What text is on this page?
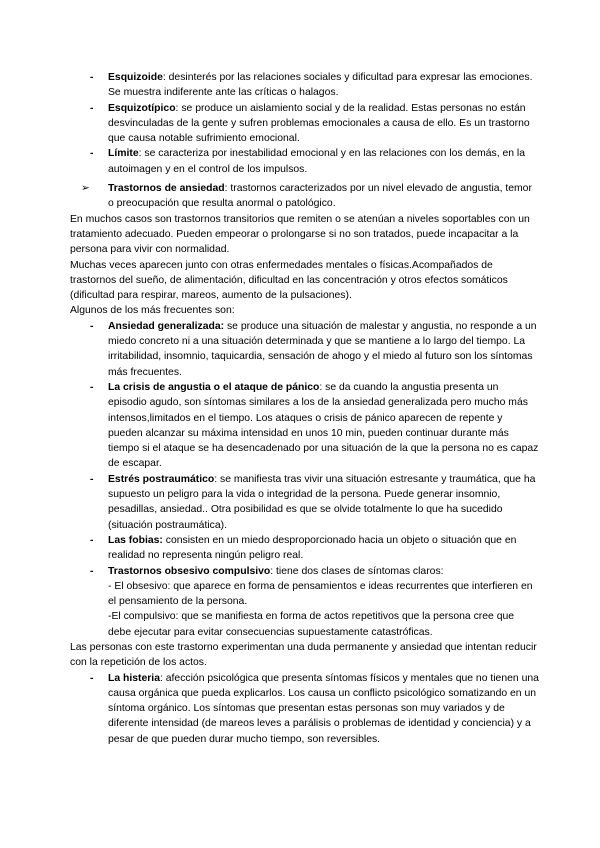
- Esquizoide: desinterés por las relaciones sociales y dificultad para expresar las emociones. Se muestra indiferente ante las críticas o halagos.
- Esquizotípico: se produce un aislamiento social y de la realidad. Estas personas no están desvinculadas de la gente y sufren problemas emocionales a causa de ello. Es un trastorno que causa notable sufrimiento emocional.
- Límite: se caracteriza por inestabilidad emocional y en las relaciones con los demás, en la autoimagen y en el control de los impulsos.
➢ Trastornos de ansiedad: trastornos caracterizados por un nivel elevado de angustia, temor o preocupación que resulta anormal o patológico.

En muchos casos son trastornos transitorios que remiten o se atenúan a niveles soportables con un tratamiento adecuado. Pueden empeorar o prolongarse si no son tratados, puede incapacitar a la persona para vivir con normalidad.

Muchas veces aparecen junto con otras enfermedades mentales o físicas.Acompañados de trastornos del sueño, de alimentación, dificultad en las concentración y otros efectos somáticos (dificultad para respirar, mareos, aumento de la pulsaciones).

Algunos de los más frecuentes son:

- Ansiedad generalizada: se produce una situación de malestar y angustia, no responde a un miedo concreto ni a una situación determinada y que se mantiene a lo largo del tiempo. La irritabilidad, insomnio, taquicardia, sensación de ahogo y el miedo al futuro son los síntomas más frecuentes.
- La crisis de angustia o el ataque de pánico: se da cuando la angustia presenta un episodio agudo, son síntomas similares a los de la ansiedad generalizada pero mucho más intensos,limitados en el tiempo. Los ataques o crisis de pánico aparecen de repente y pueden alcanzar su máxima intensidad en unos 10 min, pueden continuar durante más tiempo si el ataque se ha desencadenado por una situación de la que la persona no es capaz de escapar.
- Estrés postraumático: se manifiesta tras vivir una situación estresante y traumática, que ha supuesto un peligro para la vida o integridad de la persona. Puede generar insomnio, pesadillas, ansiedad.. Otra posibilidad es que se olvide totalmente lo que ha sucedido (situación postraumática).
- Las fobias: consisten en un miedo desproporcionado hacia un objeto o situación que en realidad no representa ningún peligro real.
- Trastornos obsesivo compulsivo: tiene dos clases de síntomas claros:
- El obsesivo: que aparece en forma de pensamientos e ideas recurrentes que interfieren en el pensamiento de la persona.
-El compulsivo: que se manifiesta en forma de actos repetitivos que la persona cree que debe ejecutar para evitar consecuencias supuestamente catastróficas.

Las personas con este trastorno experimentan una duda permanente y ansiedad que intentan reducir con la repetición de los actos.

- La histeria: afección psicológica que presenta síntomas físicos y mentales que no tienen una causa orgánica que pueda explicarlos. Los causa un conflicto psicológico somatizando en un síntoma orgánico. Los síntomas que presentan estas personas son muy variados y de diferente intensidad (de mareos leves a parálisis o problemas de identidad y conciencia) y a pesar de que pueden durar mucho tiempo, son reversibles.
